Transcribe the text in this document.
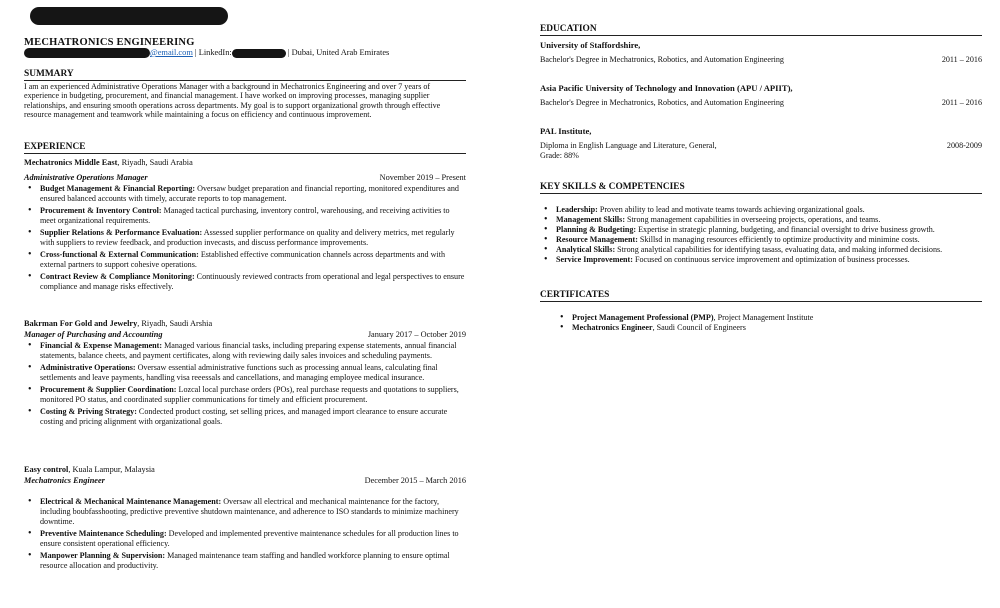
MECHATRONICS ENGINEERING
@email.com | LinkedIn:	| Dubai, United Arab Emirates
SUMMARY
I am an experienced Administrative Operations Manager with a background in Mechatronics Engineering and over 7 years of experience in budgeting, procurement, and financial management. I have worked on improving processes, managing supplier relationships, and ensuring smooth operations across departments. My goal is to support organizational growth through effective resource management and teamwork while maintaining a focus on efficiency and continuous improvement.
EXPERIENCE
Mechatronics Middle East, Riyadh, Saudi Arabia
Administrative Operations Manager	November 2019 – Present
• Budget Management & Financial Reporting: Oversaw budget preparation and financial reporting, monitored expenditures and ensured balanced accounts with timely, accurate reports to top management.
• Procurement & Inventory Control: Managed tactical purchasing, inventory control, warehousing, and receiving activities to meet organizational requirements.
• Supplier Relations & Performance Evaluation: Assessed supplier performance on quality and delivery metrics, met regularly with suppliers to review feedback, and production invecasts, and discuss performance improvements.
• Cross-functional & External Communication: Established effective communication channels across departments and with external partners to support cohesive operations.
• Contract Review & Compliance Monitoring: Continuously reviewed contracts from operational and legal perspectives to ensure compliance and manage risks effectively.
Bakrman For Gold and Jewelry, Riyadh, Saudi Arshia
Manager of Purchasing and Accounting	January 2017 – October 2019
• Financial & Expense Management: Managed various financial tasks, including preparing expense statements, annual financial statements, balance cheets, and payment certificates, along with reviewing daily sales invoices and scheduling payments.
• Administrative Operations: Oversaw essential administrative functions such as processing annual leans, calculating final settlements and leave payments, handling visa reeessals and cancellations, and managing employee medical insurance.
• Procurement & Supplier Coordination: Lozcal local purchase orders (POs), real purchase requests and quotations to suppliers, monitored PO status, and coordinated supplier communications for timely and efficient procurement.
• Costing & Priving Strategy: Condected product costing, set selling prices, and managed import clearance to ensure accurate costing and pricing alignment with organizational goals.
Easy control, Kuala Lampur, Malaysia
Mechatronics Engineer	December 2015 – March 2016
• Electrical & Mechanical Maintenance Management: Oversaw all electrical and mechanical maintenance for the factory, including boubfasshooting, predictive preventive shutdown maintenance, and adherence to ISO standards to minimize machinery downtime.
• Preventive Maintenance Scheduling: Developed and implemented preventive maintenance schedules for all production lines to ensure consistent operational efficiency.
• Manpower Planning & Supervision: Managed maintenance team staffing and handled workforce planning to ensure optimal resource allocation and productivity.
EDUCATION
University of Staffordshire,
Bachelor's Degree in Mechatronics, Robotics, and Automation Engineering	2011 – 2016
Asia Pacific University of Technology and Innovation (APU / APIIT),
Bachelor's Degree in Mechatronics, Robotics, and Automation Engineering	2011 – 2016
PAL Institute,
Diploma in English Language and Literature, General,	2008-2009
Grade: 88%
KEY SKILLS & COMPETENCIES
• Leadership: Proven ability to lead and motivate teams towards achieving organizational goals.
• Management Skills: Strong management capabilities in overseeing projects, operations, and teams.
• Planning & Budgeting: Expertise in strategic planning, budgeting, and financial oversight to drive business growth.
• Resource Management: Skillsd in managing resources efficiently to optimize productivity and minimine costs.
• Analytical Skills: Strong analytical capabilities for identifying tasass, evaluating data, and making informed decisions.
• Service Improvement: Focused on continuous service improvement and optimization of business processes.
CERTIFICATES
• Project Management Professional (PMP), Project Management Institute
• Mechatronics Engineer, Saudi Council of Engineers
